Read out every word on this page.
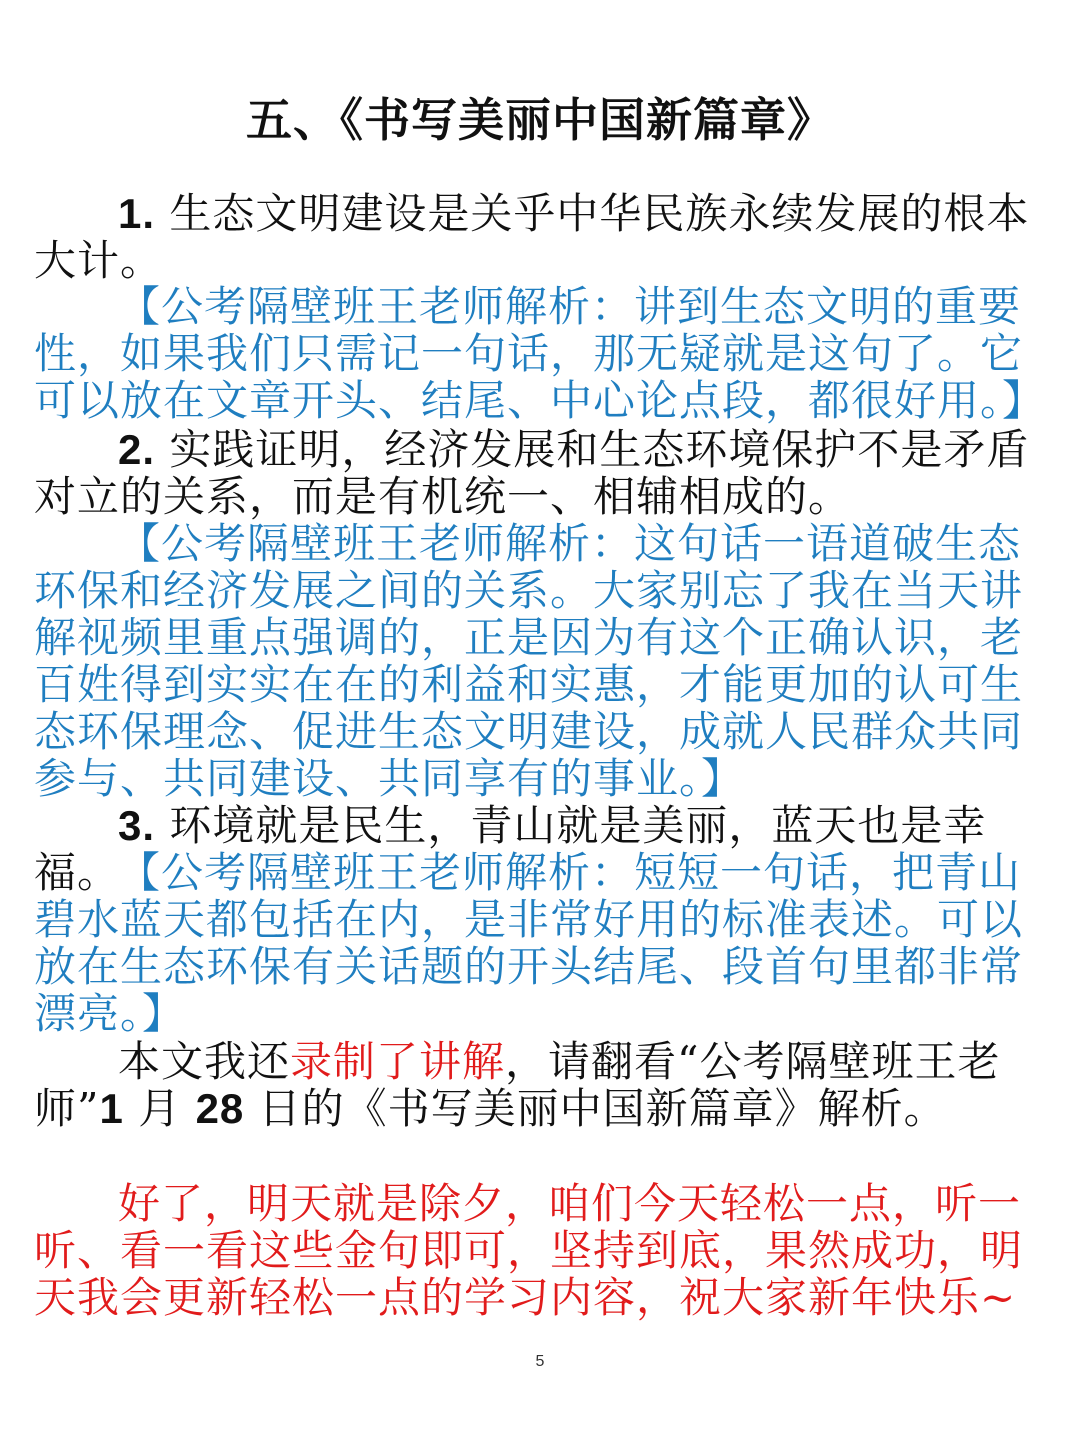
五、《书写美丽中国新篇章》
1. 生态文明建设是关乎中华民族永续发展的根本大计。
【公考隔壁班王老师解析：讲到生态文明的重要性，如果我们只需记一句话，那无疑就是这句了。它可以放在文章开头、结尾、中心论点段，都很好用。】
2. 实践证明，经济发展和生态环境保护不是矛盾对立的关系，而是有机统一、相辅相成的。
【公考隔壁班王老师解析：这句话一语道破生态环保和经济发展之间的关系。大家别忘了我在当天讲解视频里重点强调的，正是因为有这个正确认识，老百姓得到实实在在的利益和实惠，才能更加的认可生态环保理念、促进生态文明建设，成就人民群众共同参与、共同建设、共同享有的事业。】
3. 环境就是民生，青山就是美丽，蓝天也是幸福。
【公考隔壁班王老师解析：短短一句话，把青山碧水蓝天都包括在内，是非常好用的标准表述。可以放在生态环保有关话题的开头结尾、段首句里都非常漂亮。】
本文我还录制了讲解，请翻看“公考隔壁班王老师”1 月 28 日的《书写美丽中国新篇章》解析。
好了，明天就是除夕，咱们今天轻松一点，听一听、看一看这些金句即可，坚持到底，果然成功，明天我会更新轻松一点的学习内容，祝大家新年快乐~
5
